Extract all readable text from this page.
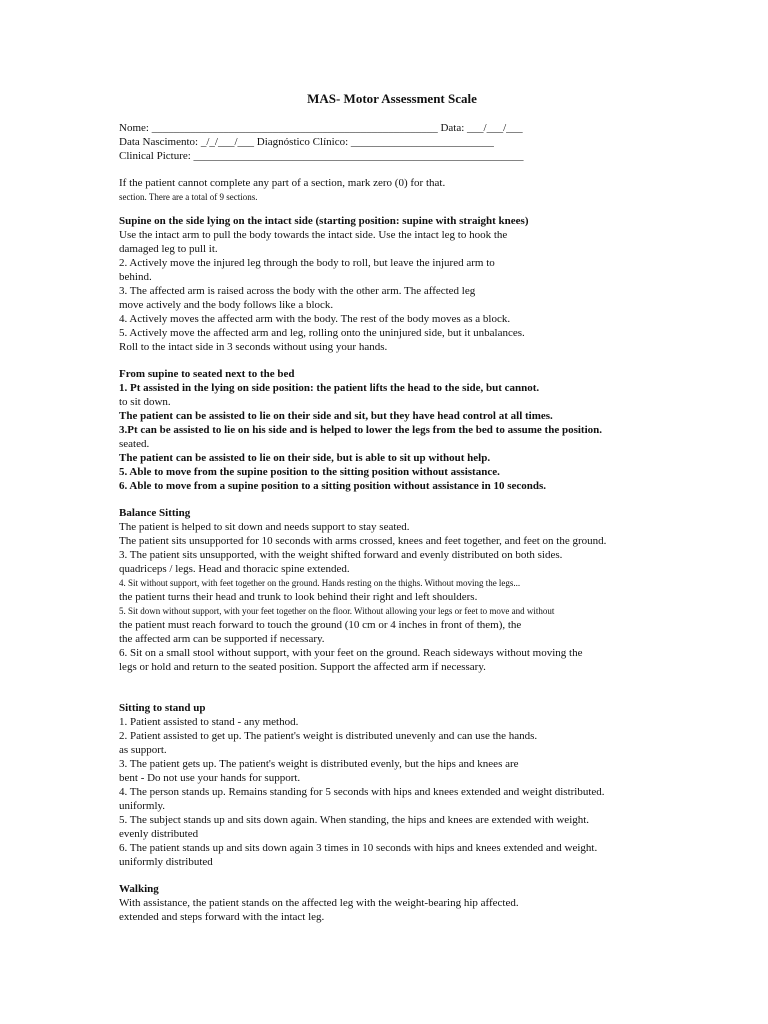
MAS- Motor Assessment Scale
Nome: ____________________________________________________ Data: ___/___/___
Data Nascimento: _/_/___/___ Diagnóstico Clínico: __________________________
Clinical Picture: ____________________________________________________________
If the patient cannot complete any part of a section, mark zero (0) for that.
section. There are a total of 9 sections.
Supine on the side lying on the intact side (starting position: supine with straight knees)
Use the intact arm to pull the body towards the intact side. Use the intact leg to hook the
damaged leg to pull it.
2. Actively move the injured leg through the body to roll, but leave the injured arm to
behind.
3. The affected arm is raised across the body with the other arm. The affected leg
move actively and the body follows like a block.
4. Actively moves the affected arm with the body. The rest of the body moves as a block.
5. Actively move the affected arm and leg, rolling onto the uninjured side, but it unbalances.
Roll to the intact side in 3 seconds without using your hands.
From supine to seated next to the bed
1. Pt assisted in the lying on side position: the patient lifts the head to the side, but cannot.
to sit down.
The patient can be assisted to lie on their side and sit, but they have head control at all times.
3.Pt can be assisted to lie on his side and is helped to lower the legs from the bed to assume the position.
seated.
The patient can be assisted to lie on their side, but is able to sit up without help.
5. Able to move from the supine position to the sitting position without assistance.
6. Able to move from a supine position to a sitting position without assistance in 10 seconds.
Balance Sitting
The patient is helped to sit down and needs support to stay seated.
The patient sits unsupported for 10 seconds with arms crossed, knees and feet together, and feet on the ground.
3. The patient sits unsupported, with the weight shifted forward and evenly distributed on both sides.
quadriceps / legs. Head and thoracic spine extended.
4. Sit without support, with feet together on the ground. Hands resting on the thighs. Without moving the legs...
the patient turns their head and trunk to look behind their right and left shoulders.
5. Sit down without support, with your feet together on the floor. Without allowing your legs or feet to move and without
the patient must reach forward to touch the ground (10 cm or 4 inches in front of them), the
the affected arm can be supported if necessary.
6. Sit on a small stool without support, with your feet on the ground. Reach sideways without moving the
legs or hold and return to the seated position. Support the affected arm if necessary.
Sitting to stand up
1. Patient assisted to stand - any method.
2. Patient assisted to get up. The patient's weight is distributed unevenly and can use the hands.
as support.
3. The patient gets up. The patient's weight is distributed evenly, but the hips and knees are
bent - Do not use your hands for support.
4. The person stands up. Remains standing for 5 seconds with hips and knees extended and weight distributed.
uniformly.
5. The subject stands up and sits down again. When standing, the hips and knees are extended with weight.
evenly distributed
6. The patient stands up and sits down again 3 times in 10 seconds with hips and knees extended and weight.
uniformly distributed
Walking
With assistance, the patient stands on the affected leg with the weight-bearing hip affected.
extended and steps forward with the intact leg.
